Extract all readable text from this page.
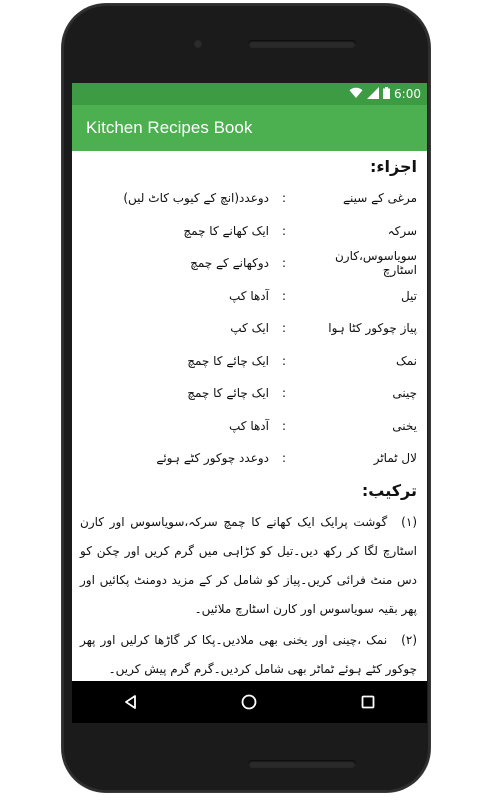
6:00
Kitchen Recipes Book
اجزاء:
مرغی کے سینے
:
دوعدد(انچ کے کیوب کاٹ لیں)
سرکہ
:
ایک کھانے کا چمچ
سویاسوس،کارن اسٹارچ
:
دوکھانے کے چمچ
تیل
:
آدھا کپ
پیاز چوکور کٹا ہوا
:
ایک کپ
نمک
:
ایک چائے کا چمچ
چینی
:
ایک چائے کا چمچ
یخنی
:
آدھا کپ
لال ٹماٹر
:
دوعدد چوکور کٹے ہوئے
ترکیب:

(۱)گوشت پرایک ایک کھانے کا چمچ سرکہ،سویاسوس اور کارن اسٹارچ لگا کر رکھ دیں۔تیل کو کڑاہی میں گرم کریں اور چکن کو دس منٹ فرائی کریں۔پیاز کو شامل کر کے مزید دومنٹ پکائیں اور پھر بقیہ سویاسوس اور کارن اسٹارچ ملائیں۔

(۲)نمک ،چینی اور یخنی بھی ملادیں۔پکا کر گاڑھا کرلیں اور پھر چوکور کٹے ہوئے ٹماٹر بھی شامل کردیں۔گرم گرم پیش کریں۔
